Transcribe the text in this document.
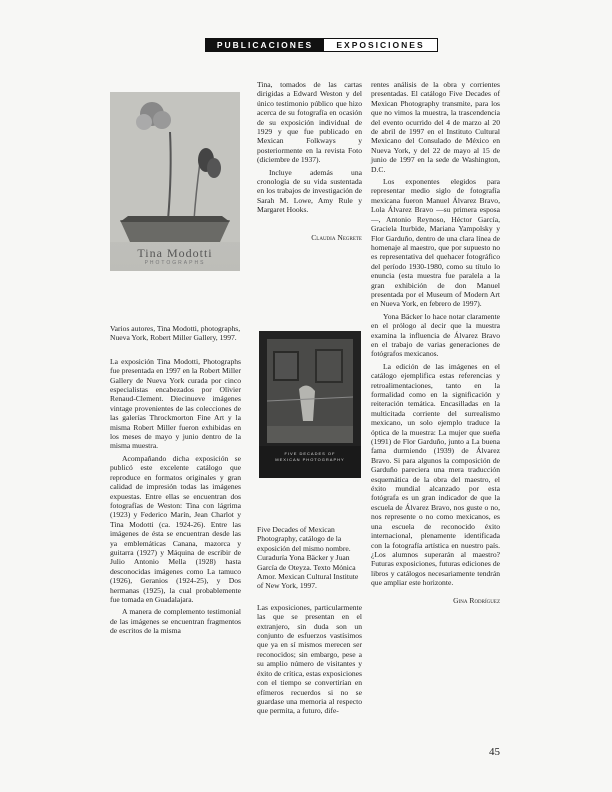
PUBLICACIONES	EXPOSICIONES
Tina Modotti
PHOTOGRAPHS
FIVE DECADES OF
MEXICAN PHOTOGRAPHY

Varios autores, Tina Modotti, photographs, Nueva York, Robert Miller Gallery, 1997.

La exposición Tina Modotti, Photographs fue presentada en 1997 en la Robert Miller Gallery de Nueva York curada por cinco especialistas encabezados por Olivier Renaud-Clement. Diecinueve imágenes vintage provenientes de las colecciones de las galerías Throckmorton Fine Art y la misma Robert Miller fueron exhibidas en los meses de mayo y junio dentro de la misma muestra.

Acompañando dicha exposición se publicó este excelente catálogo que reproduce en formatos originales y gran calidad de impresión todas las imágenes expuestas. Entre ellas se encuentran dos fotografías de Weston: Tina con lágrima (1923) y Federico Marín, Jean Charlot y Tina Modotti (ca. 1924-26). Entre las imágenes de ésta se encuentran desde las ya emblemáticas Canana, mazorca y guitarra (1927) y Máquina de escribir de Julio Antonio Mella (1928) hasta desconocidas imágenes como La tamuco (1926), Geranios (1924-25), y Dos hermanas (1925), la cual probablemente fue tomada en Guadalajara.

A manera de complemento testimonial de las imágenes se encuentran fragmentos de escritos de la misma

Tina, tomados de las cartas dirigidas a Edward Weston y del único testimonio público que hizo acerca de su fotografía en ocasión de su exposición individual de 1929 y que fue publicado en Mexican Folkways y posteriormente en la revista Foto (diciembre de 1937).

Incluye además una cronología de su vida sustentada en los trabajos de investigación de Sarah M. Lowe, Amy Rule y Margaret Hooks.

Claudia Negrete

Five Decades of Mexican Photography, catálogo de la exposición del mismo nombre. Curaduría Yona Bäcker y Juan García de Oteyza. Texto Mónica Amor. Mexican Cultural Institute of New York, 1997.

Las exposiciones, particularmente las que se presentan en el extranjero, sin duda son un conjunto de esfuerzos vastísimos que ya en sí mismos merecen ser reconocidos; sin embargo, pese a su amplio número de visitantes y éxito de crítica, estas exposiciones con el tiempo se convertirían en efímeros recuerdos si no se guardase una memoria al respecto que permita, a futuro, dife-

rentes análisis de la obra y corrientes presentadas. El catálogo Five Decades of Mexican Photography transmite, para los que no vimos la muestra, la trascendencia del evento ocurrido del 4 de marzo al 20 de abril de 1997 en el Instituto Cultural Mexicano del Consulado de México en Nueva York, y del 22 de mayo al 15 de junio de 1997 en la sede de Washington, D.C.

Los exponentes elegidos para representar medio siglo de fotografía mexicana fueron Manuel Álvarez Bravo, Lola Álvarez Bravo —su primera esposa—, Antonio Reynoso, Héctor García, Graciela Iturbide, Mariana Yampolsky y Flor Garduño, dentro de una clara línea de homenaje al maestro, que por supuesto no es representativa del quehacer fotográfico del período 1930-1980, como su título lo enuncia (esta muestra fue paralela a la gran exhibición de don Manuel presentada por el Museum of Modern Art en Nueva York, en febrero de 1997).

Yona Bäcker lo hace notar claramente en el prólogo al decir que la muestra examina la influencia de Álvarez Bravo en el trabajo de varias generaciones de fotógrafos mexicanos.

La edición de las imágenes en el catálogo ejemplifica estas referencias y retroalimentaciones, tanto en la formalidad como en la significación y reiteración temática. Encasilladas en la multicitada corriente del surrealismo mexicano, un solo ejemplo traduce la óptica de la muestra: La mujer que sueña (1991) de Flor Garduño, junto a La buena fama durmiendo (1939) de Álvarez Bravo. Si para algunos la composición de Garduño pareciera una mera traducción esquemática de la obra del maestro, el éxito mundial alcanzado por esta fotógrafa es un gran indicador de que la escuela de Álvarez Bravo, nos guste o no, nos represente o no como mexicanos, es una escuela de reconocido éxito internacional, plenamente identificada con la fotografía artística en nuestro país. ¿Los alumnos superarán al maestro? Futuras exposiciones, futuras ediciones de libros y catálogos necesariamente tendrán que ampliar este horizonte.

Gina Rodríguez
45
